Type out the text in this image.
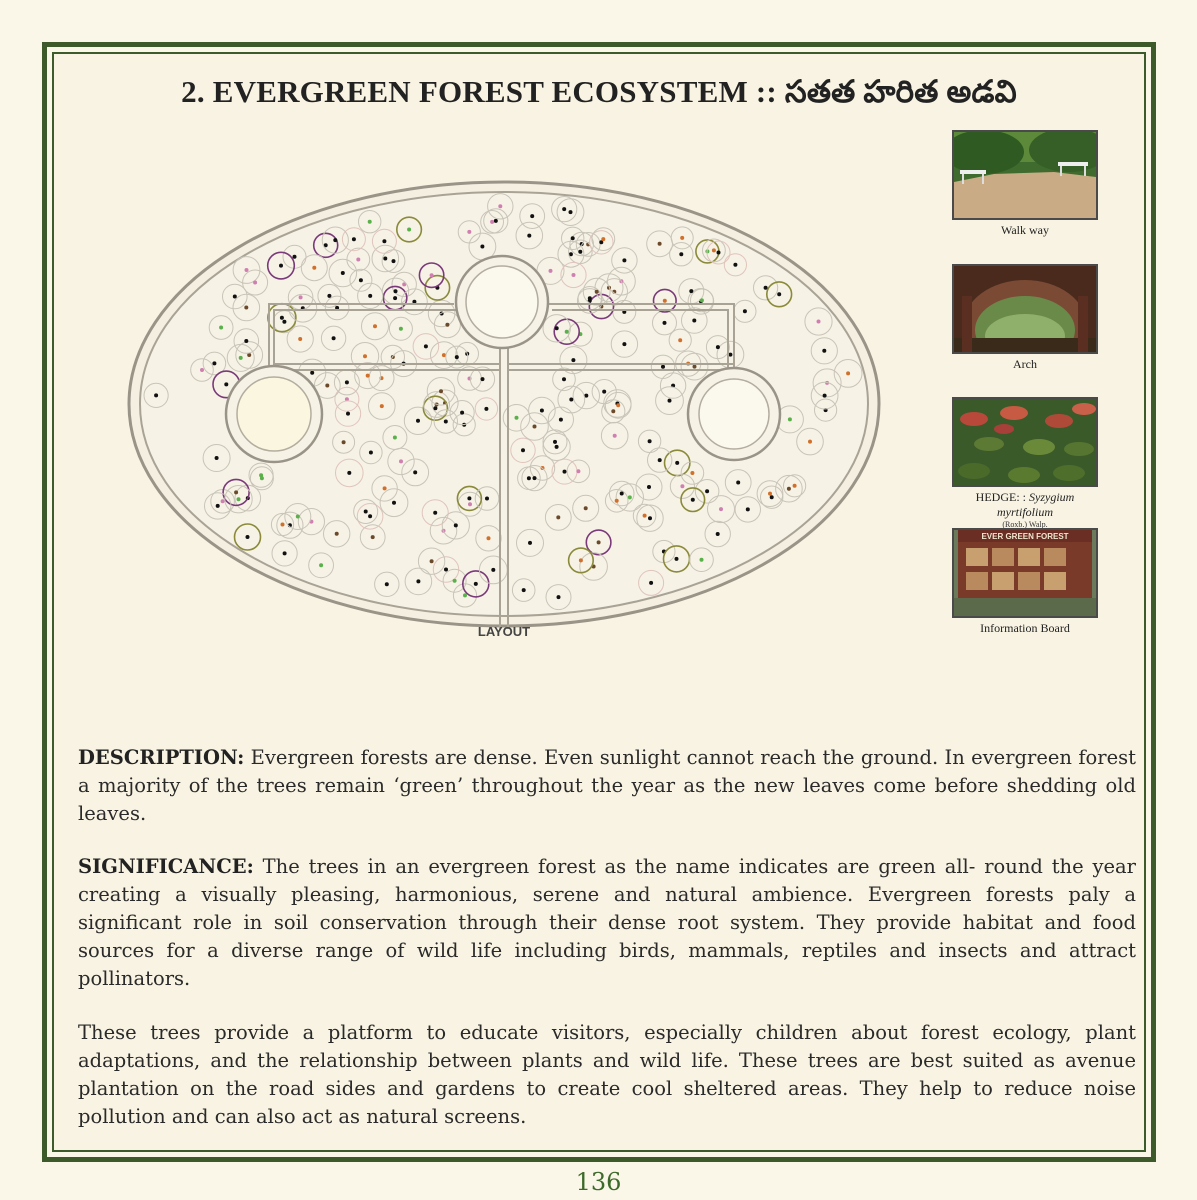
2. EVERGREEN FOREST ECOSYSTEM :: సతత హరిత అడవి
LAYOUT
Walk way
Arch
HEDGE: : Syzygium myrtifolium
(Roxb.) Walp.
EVER GREEN FOREST
Information Board
DESCRIPTION: Evergreen forests are dense. Even sunlight cannot reach the ground. In evergreen forest a majority of the trees remain ‘green’ throughout the year as the new leaves come before shedding old leaves.
SIGNIFICANCE: The trees in an evergreen forest as the name indicates are green all- round the year creating a visually pleasing, harmonious, serene and natural ambience. Evergreen forests paly a significant role in soil conservation through their dense root system. They provide habitat and food sources for a diverse range of wild life including birds, mammals, reptiles and insects and attract pollinators.
These trees provide a platform to educate visitors, especially children about forest ecology, plant adaptations, and the relationship between plants and wild life. These trees are best suited as avenue plantation on the road sides and gardens to create cool sheltered areas. They help to reduce noise pollution and can also act as natural screens.
136
